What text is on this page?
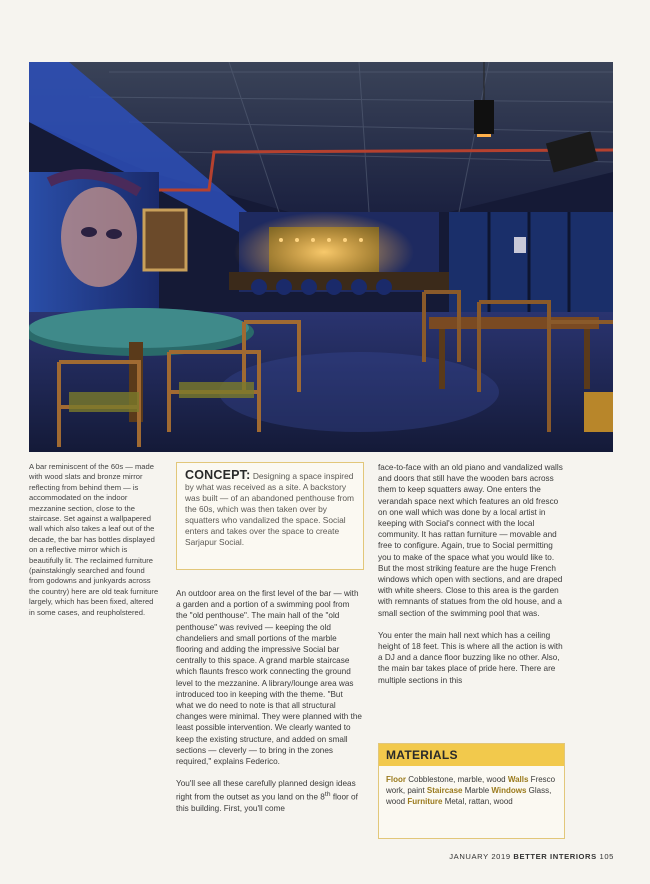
A bar reminiscent of the 60s — made with wood slats and bronze mirror reflecting from behind them — is accommodated on the indoor mezzanine section, close to the staircase. Set against a wallpapered wall which also takes a leaf out of the decade, the bar has bottles displayed on a reflective mirror which is beautifully lit. The reclaimed furniture (painstakingly searched and found from godowns and junkyards across the country) here are old teak furniture largely, which has been fixed, altered in some cases, and reupholstered.
CONCEPT: Designing a space inspired by what was received as a site. A backstory was built — of an abandoned penthouse from the 60s, which was then taken over by squatters who vandalized the space. Social enters and takes over the space to create Sarjapur Social.

An outdoor area on the first level of the bar — with a garden and a portion of a swimming pool from the "old penthouse". The main hall of the "old penthouse" was revived — keeping the old chandeliers and small portions of the marble flooring and adding the impressive Social bar centrally to this space. A grand marble staircase which flaunts fresco work connecting the ground level to the mezzanine. A library/lounge area was introduced too in keeping with the theme. "But what we do need to note is that all structural changes were minimal. They were planned with the least possible intervention. We clearly wanted to keep the existing structure, and added on small sections — cleverly — to bring in the zones required," explains Federico.

You'll see all these carefully planned design ideas right from the outset as you land on the 8th floor of this building. First, you'll come

face-to-face with an old piano and vandalized walls and doors that still have the wooden bars across them to keep squatters away. One enters the verandah space next which features an old fresco on one wall which was done by a local artist in keeping with Social's connect with the local community. It has rattan furniture — movable and free to configure. Again, true to Social permitting you to make of the space what you would like to. But the most striking feature are the huge French windows which open with sections, and are draped with white sheers. Close to this area is the garden with remnants of statues from the old house, and a small section of the swimming pool that was.

You enter the main hall next which has a ceiling height of 18 feet. This is where all the action is with a DJ and a dance floor buzzing like no other. Also, the main bar takes place of pride here. There are multiple sections in this

MATERIALS
Floor Cobblestone, marble, wood Walls Fresco work, paint Staircase Marble Windows Glass, wood Furniture Metal, rattan, wood
JANUARY 2019 BETTER INTERIORS 105
